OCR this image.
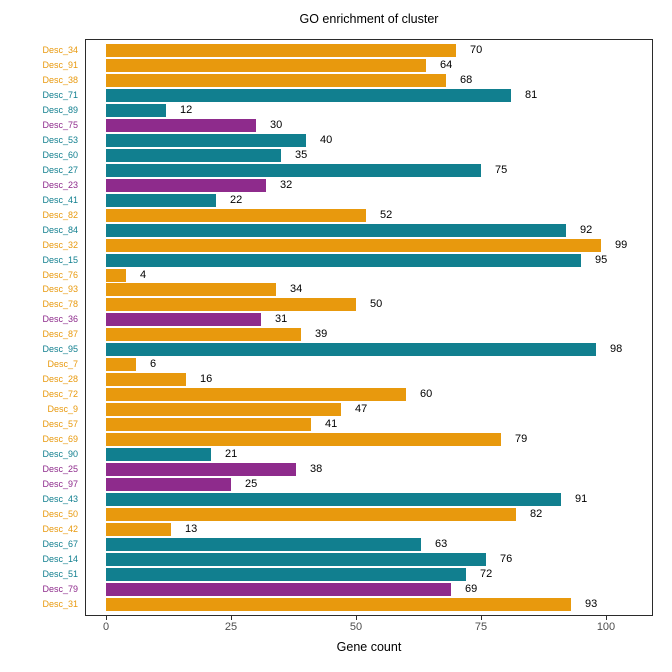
GO enrichment of cluster
Desc_34	70
Desc_91	64
Desc_38	68
Desc_71	81
Desc_89	12
Desc_75	30
Desc_53	40
Desc_60	35
Desc_27	75
Desc_23	32
Desc_41	22
Desc_82	52
Desc_84	92
Desc_32	99
Desc_15	95
Desc_76	4
Desc_93	34
Desc_78	50
Desc_36	31
Desc_87	39
Desc_95	98
Desc_7	6
Desc_28	16
Desc_72	60
Desc_9	47
Desc_57	41
Desc_69	79
Desc_90	21
Desc_25	38
Desc_97	25
Desc_43	91
Desc_50	82
Desc_42	13
Desc_67	63
Desc_14	76
Desc_51	72
Desc_79	69
Desc_31	93
0	25	50	75	100
Gene count
